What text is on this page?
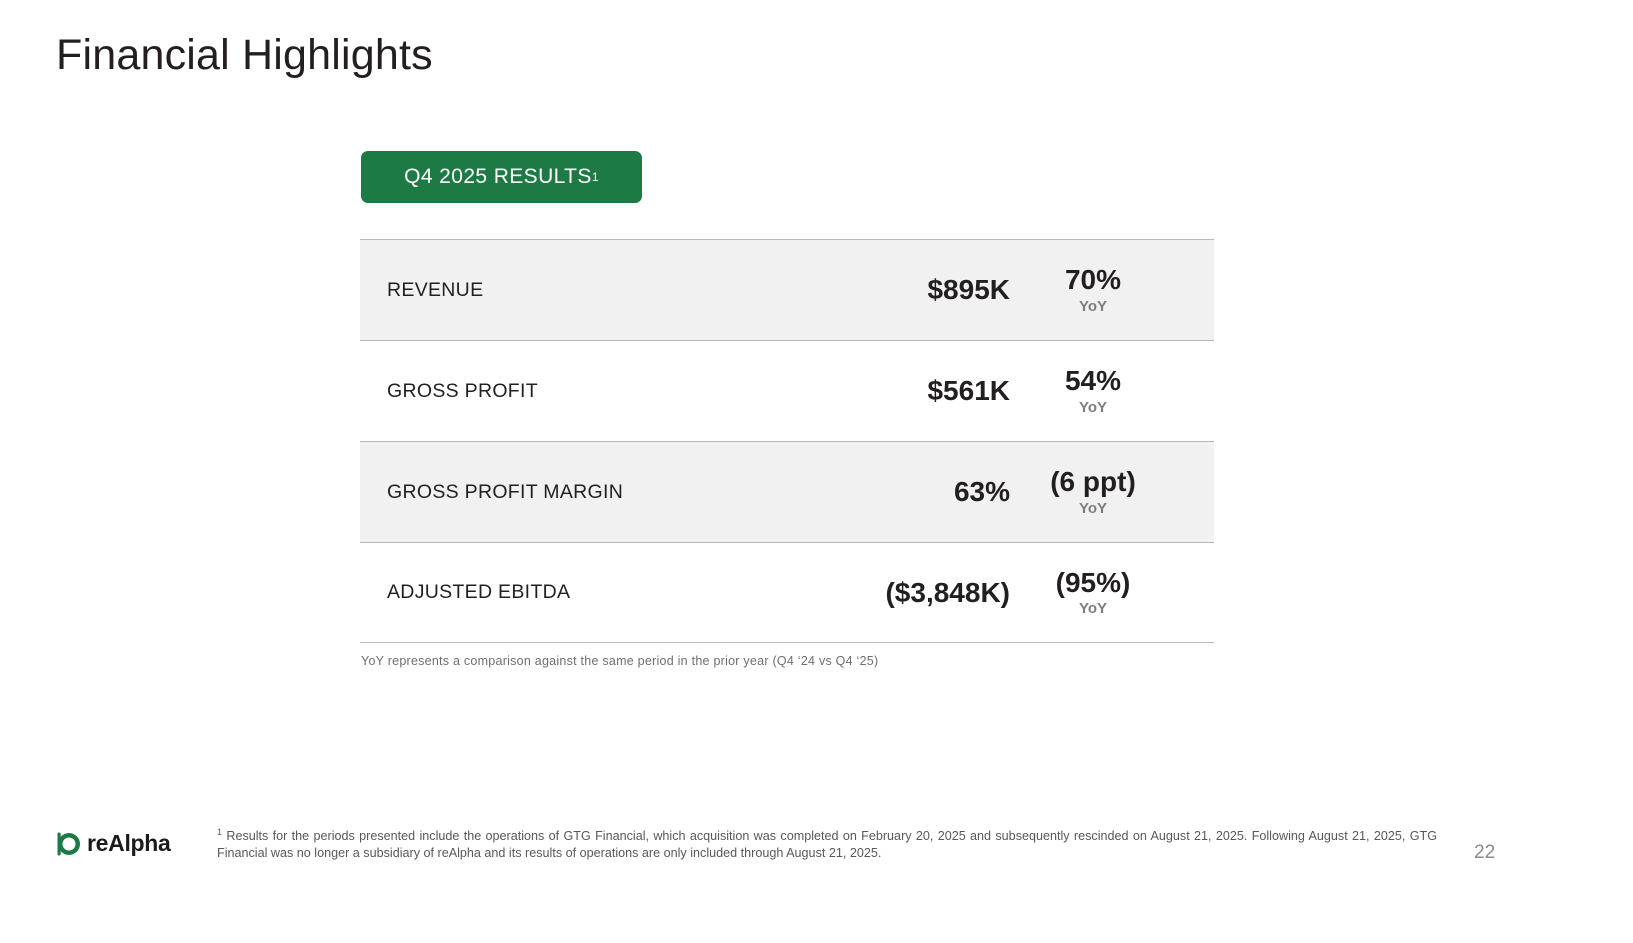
Financial Highlights
Q4 2025 RESULTS 1
REVENUE	$895K	70%
YoY
GROSS PROFIT	$561K	54%
YoY
GROSS PROFIT MARGIN	63%	(6 ppt)
YoY
ADJUSTED EBITDA	($3,848K)	(95%)
YoY
YoY represents a comparison against the same period in the prior year (Q4 ‘24 vs Q4 ‘25)
$^1$ Results for the periods presented include the operations of GTG Financial, which acquisition was completed on February 20, 2025 and subsequently rescinded on August 21, 2025. Following August 21, 2025, GTG Financial was no longer a subsidiary of reAlpha and its results of operations are only included through August 21, 2025.
reAlpha	22
